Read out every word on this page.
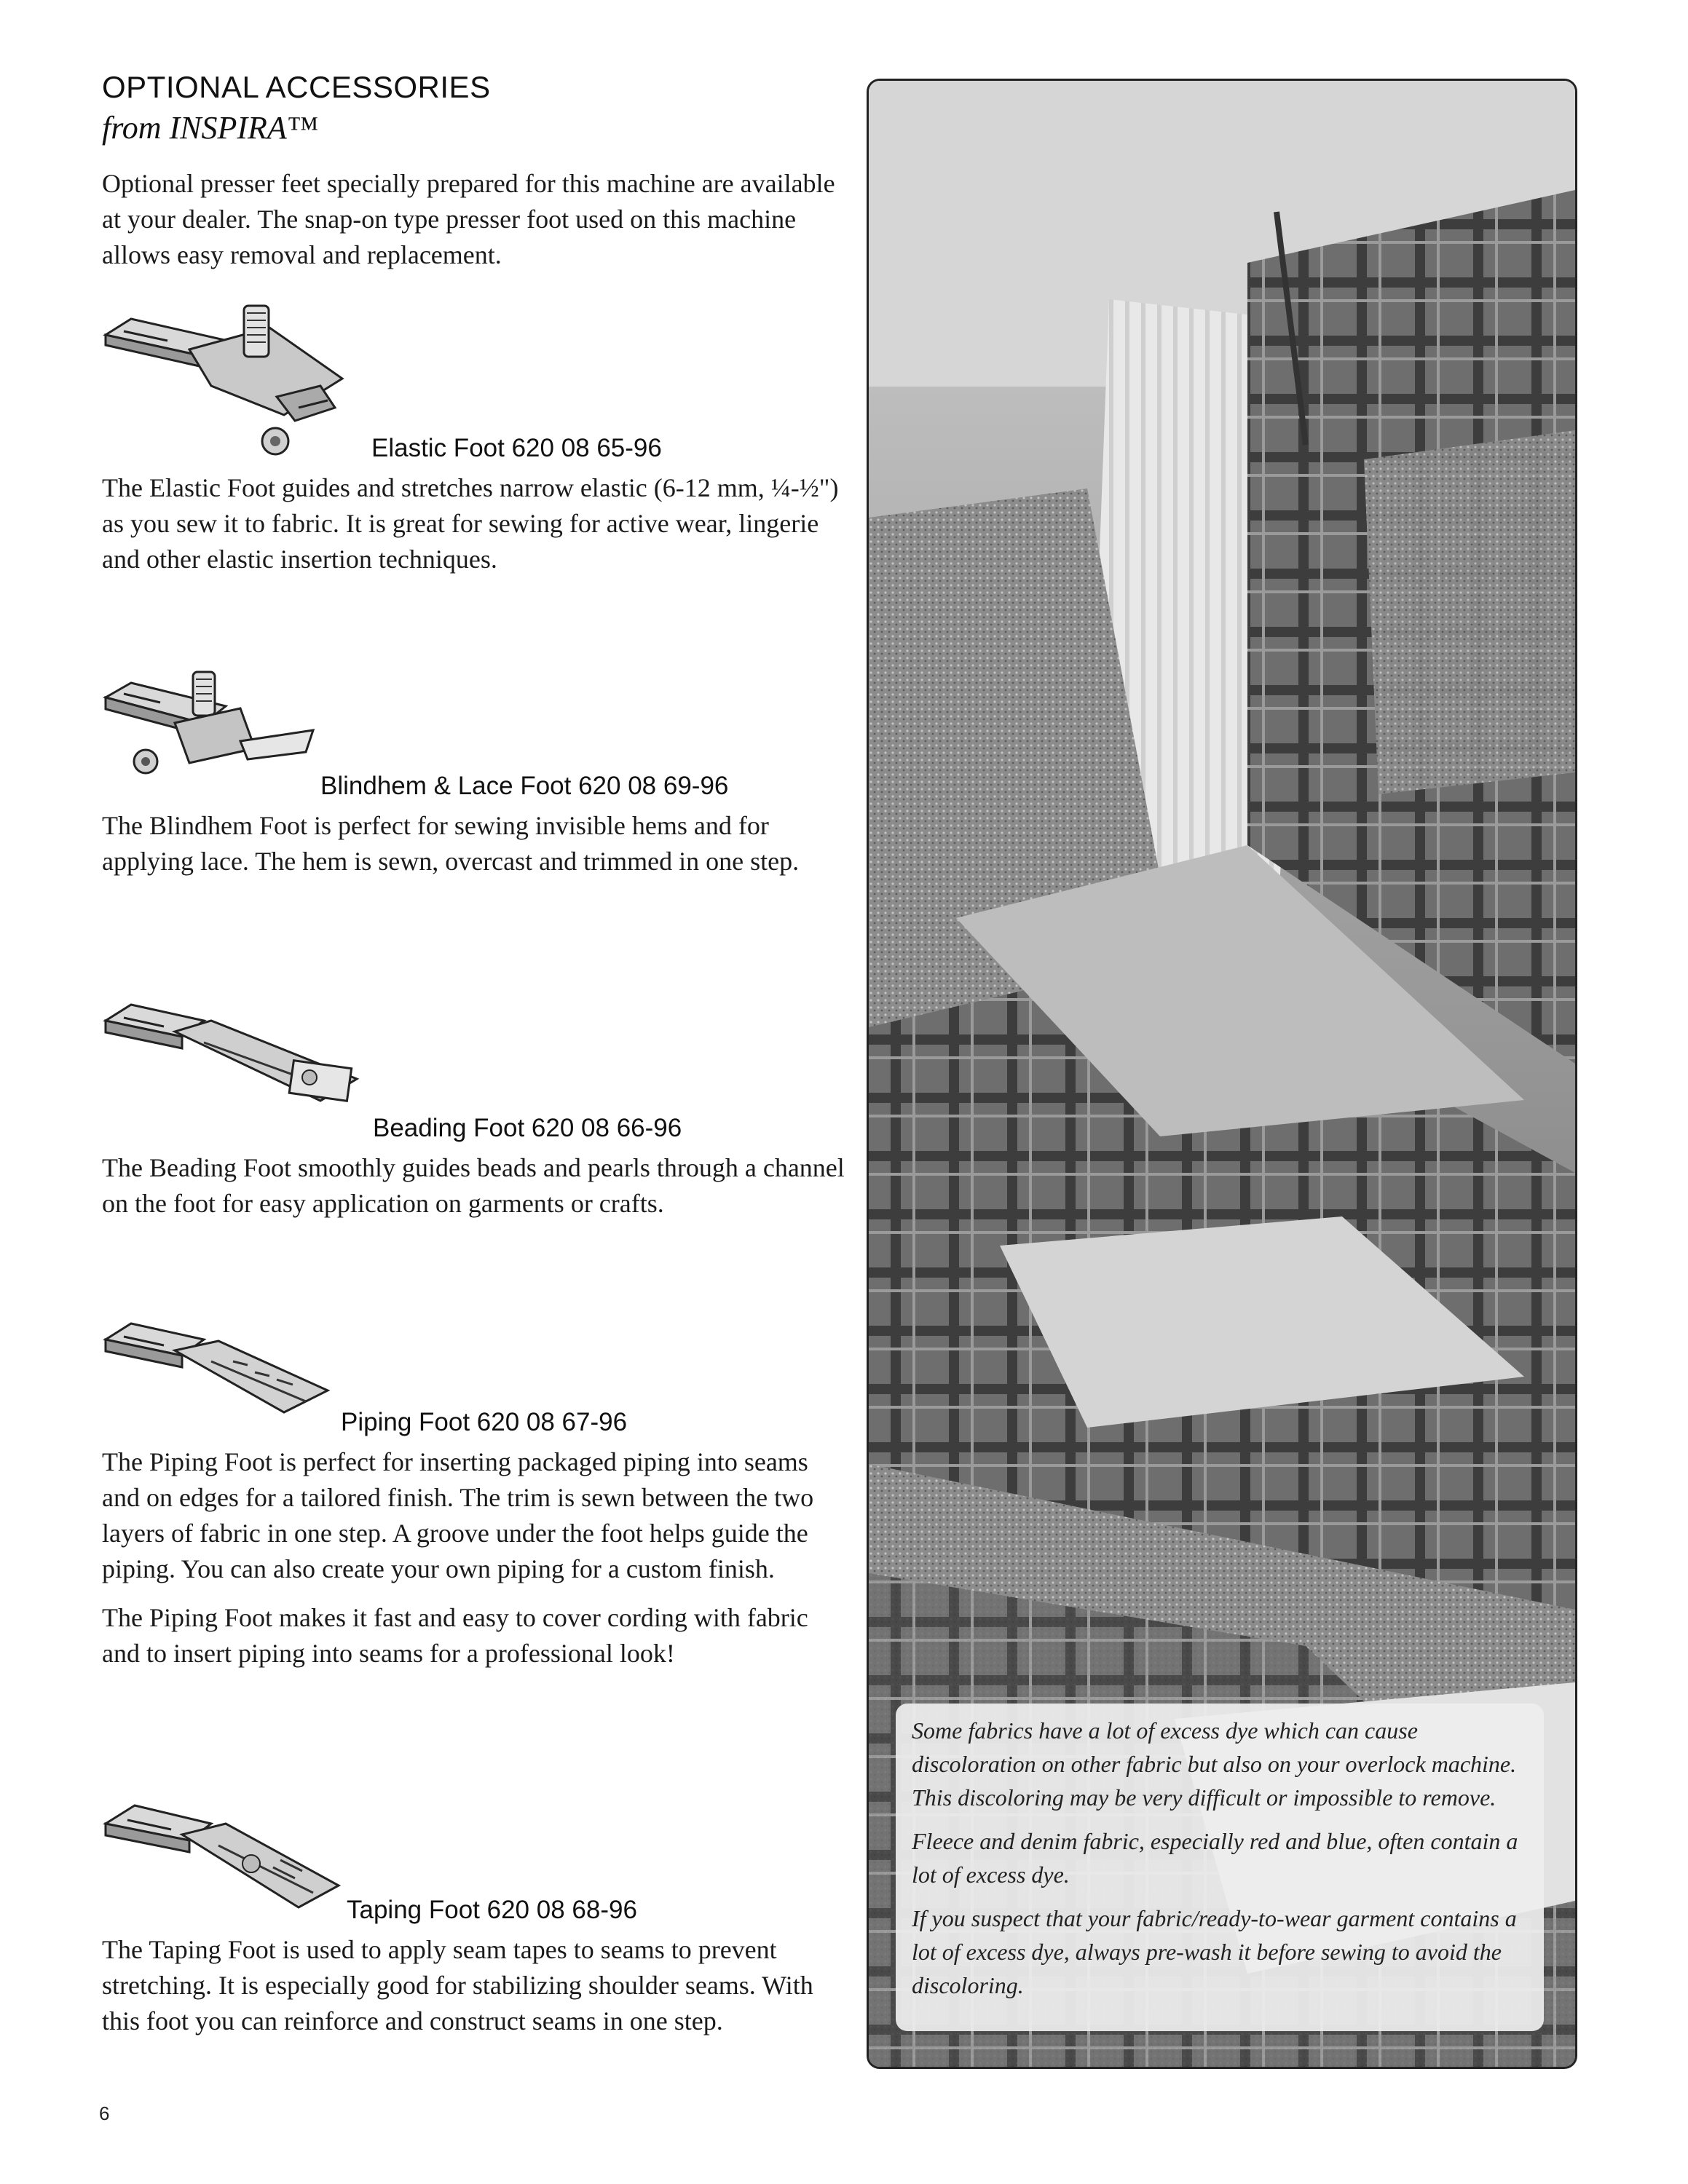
OPTIONAL ACCESSORIES
from INSPIRA™

Optional presser feet specially prepared for this machine are available at your dealer. The snap-on type presser foot used on this machine allows easy removal and replacement.

Elastic Foot 620 08 65-96

The Elastic Foot guides and stretches narrow elastic (6-12 mm, ¼-½") as you sew it to fabric. It is great for sewing for active wear, lingerie and other elastic insertion techniques.

Blindhem & Lace Foot 620 08 69-96

The Blindhem Foot is perfect for sewing invisible hems and for applying lace. The hem is sewn, overcast and trimmed in one step.

Beading Foot 620 08 66-96

The Beading Foot smoothly guides beads and pearls through a channel on the foot for easy application on garments or crafts.

Piping Foot 620 08 67-96

The Piping Foot is perfect for inserting packaged piping into seams and on edges for a tailored finish. The trim is sewn between the two layers of fabric in one step. A groove under the foot helps guide the piping. You can also create your own piping for a custom finish.

The Piping Foot makes it fast and easy to cover cording with fabric and to insert piping into seams for a professional look!

Taping Foot 620 08 68-96

The Taping Foot is used to apply seam tapes to seams to prevent stretching. It is especially good for stabilizing shoulder seams. With this foot you can reinforce and construct seams in one step.

Some fabrics have a lot of excess dye which can cause discoloration on other fabric but also on your overlock machine. This discoloring may be very difficult or impossible to remove.

Fleece and denim fabric, especially red and blue, often contain a lot of excess dye.

If you suspect that your fabric/ready-to-wear garment contains a lot of excess dye, always pre-wash it before sewing to avoid the discoloring.

6
